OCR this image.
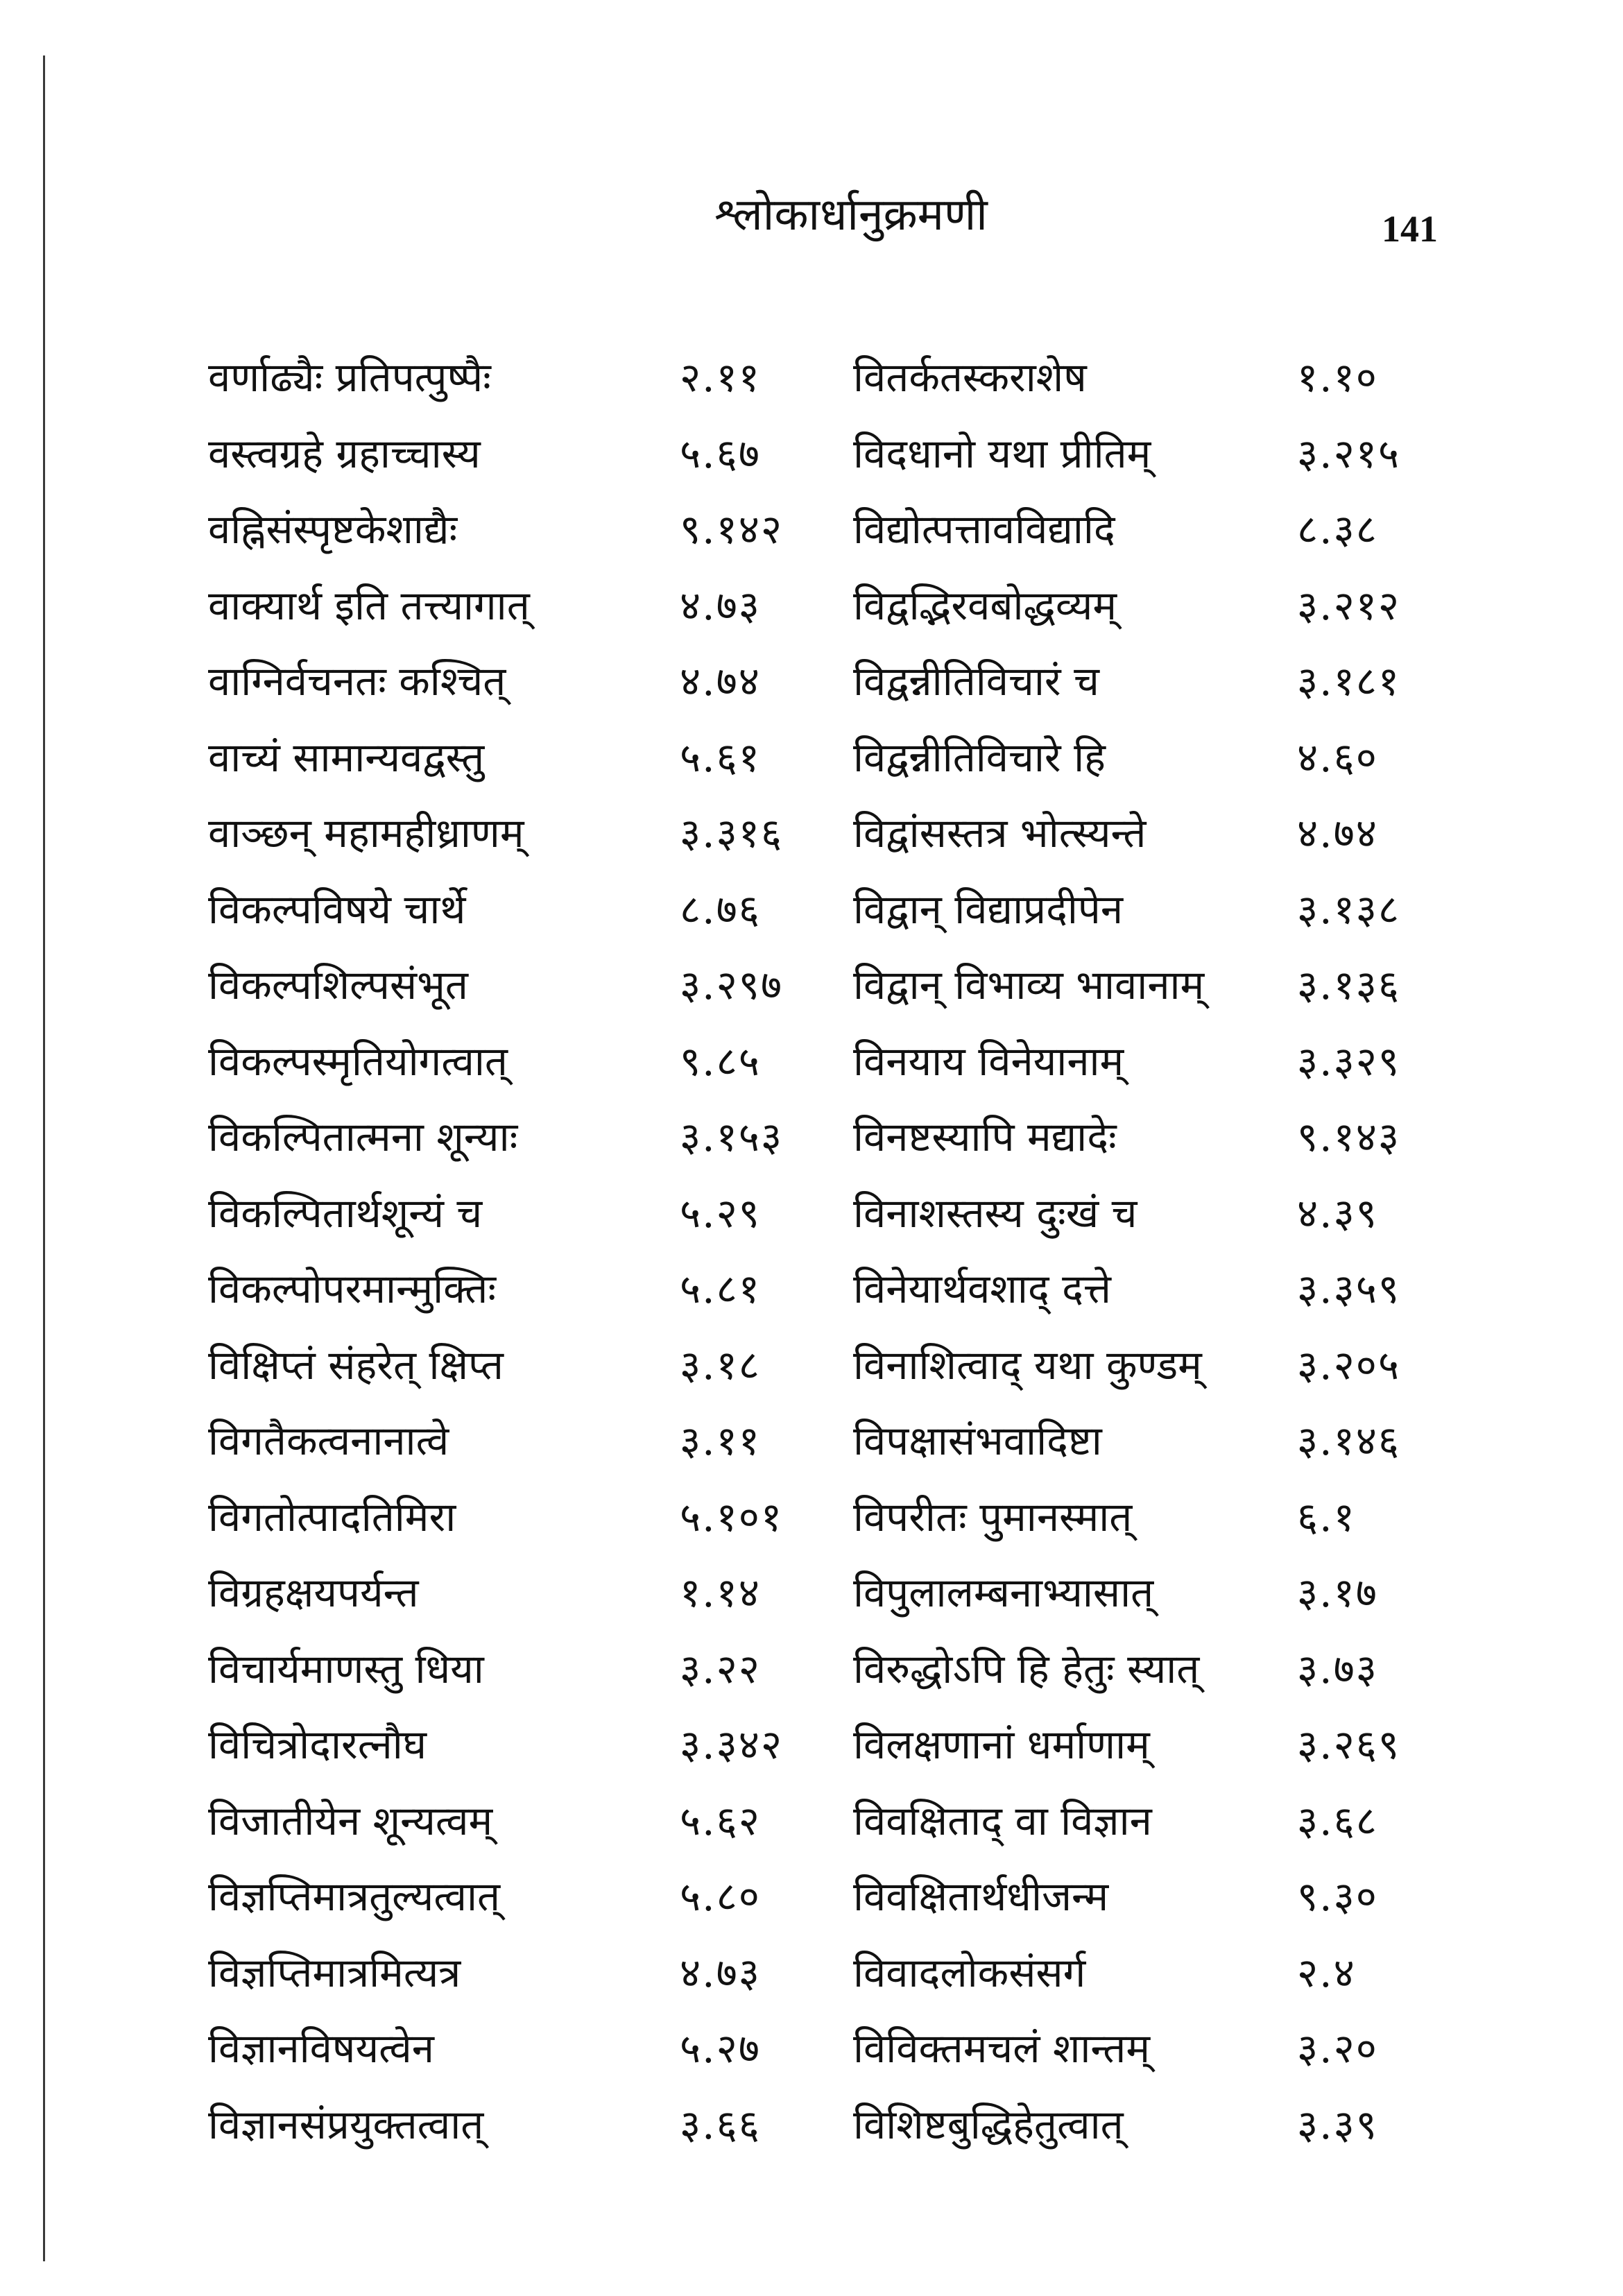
श्लोकार्धानुक्रमणी	141
वर्णाढ्यैः प्रतिपत्पुष्पैः	२.११ वितर्कतस्कराशेष	१.१०
वस्त्वग्रहे ग्रहाच्चास्य	५.६७ विदधानो यथा प्रीतिम्	३.२१५
वह्निसंस्पृष्टकेशाद्यैः	९.१४२ विद्योत्पत्तावविद्यादि	८.३८
वाक्यार्थ इति तत्त्यागात्	४.७३ विद्वद्भिरवबोद्धव्यम्	३.२१२
वाग्निर्वचनतः कश्चित्	४.७४ विद्वन्नीतिविचारं च	३.१८१
वाच्यं सामान्यवद्वस्तु	५.६१ विद्वन्नीतिविचारे हि	४.६०
वाञ्छन् महामहीध्राणम्	३.३१६ विद्वांसस्तत्र भोत्स्यन्ते	४.७४
विकल्पविषये चार्थे	८.७६ विद्वान् विद्याप्रदीपेन	३.१३८
विकल्पशिल्पसंभूत	३.२९७ विद्वान् विभाव्य भावानाम् ३.१३६
विकल्पस्मृतियोगत्वात्	९.८५ विनयाय विनेयानाम्	३.३२९
विकल्पितात्मना शून्याः	३.१५३ विनष्टस्यापि मद्यादेः	९.१४३
विकल्पितार्थशून्यं च	५.२९ विनाशस्तस्य दुःखं च	४.३९
विकल्पोपरमान्मुक्तिः	५.८१ विनेयार्थवशाद् दत्ते	३.३५९
विक्षिप्तं संहरेत् क्षिप्त	३.१८ विनाशित्वाद् यथा कुण्डम् ३.२०५
विगतैकत्वनानात्वे	३.११ विपक्षासंभवादिष्टा	३.१४६
विगतोत्पादतिमिरा	५.१०१ विपरीतः पुमानस्मात्	६.१
विग्रहक्षयपर्यन्त	१.१४ विपुलालम्बनाभ्यासात्	३.१७
विचार्यमाणस्तु धिया	३.२२ विरुद्धोऽपि हि हेतुः स्यात् ३.७३
विचित्रोदारत्नौघ	३.३४२ विलक्षणानां धर्माणाम्	३.२६९
विजातीयेन शून्यत्वम्	५.६२ विवक्षिताद् वा विज्ञान	३.६८
विज्ञप्तिमात्रतुल्यत्वात्	५.८० विवक्षितार्थधीजन्म	९.३०
विज्ञप्तिमात्रमित्यत्र	४.७३ विवादलोकसंसर्ग	२.४
विज्ञानविषयत्वेन	५.२७ विविक्तमचलं शान्तम्	३.२०
विज्ञानसंप्रयुक्तत्वात्	३.६६ विशिष्टबुद्धिहेतुत्वात्	३.३९
